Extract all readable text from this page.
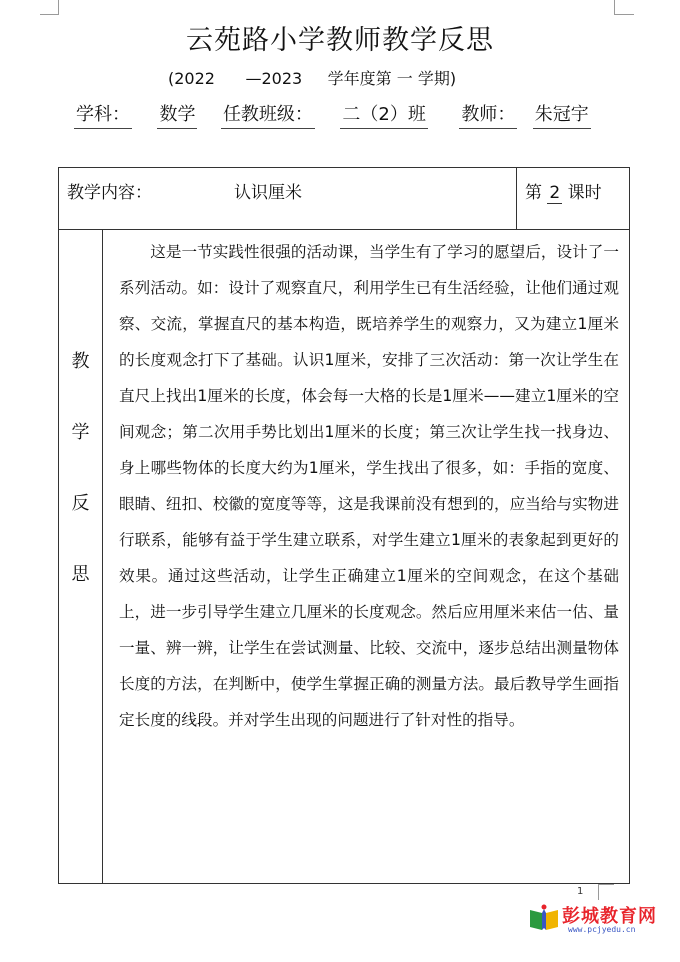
云苑路小学教师教学反思
(2022 —2023 学年度第 一 学期)
学科： 数学 任教班级： 二（2）班 教师： 朱冠宇
教学内容：	认识厘米	第 2 课时
教
学
反
思
这是一节实践性很强的活动课，当学生有了学习的愿望后，设计了一系列活动。如：设计了观察直尺，利用学生已有生活经验，让他们通过观察、交流，掌握直尺的基本构造，既培养学生的观察力，又为建立1厘米的长度观念打下了基础。认识1厘米，安排了三次活动：第一次让学生在直尺上找出1厘米的长度，体会每一大格的长是1厘米——建立1厘米的空间观念；第二次用手势比划出1厘米的长度；第三次让学生找一找身边、身上哪些物体的长度大约为1厘米，学生找出了很多，如：手指的宽度、眼睛、纽扣、校徽的宽度等等，这是我课前没有想到的，应当给与实物进行联系，能够有益于学生建立联系，对学生建立1厘米的表象起到更好的效果。通过这些活动，让学生正确建立1厘米的空间观念，在这个基础上，进一步引导学生建立几厘米的长度观念。然后应用厘米来估一估、量一量、辨一辨，让学生在尝试测量、比较、交流中，逐步总结出测量物体长度的方法，在判断中，使学生掌握正确的测量方法。最后教导学生画指定长度的线段。并对学生出现的问题进行了针对性的指导。
1
彭城教育网
www.pcjyedu.cn
